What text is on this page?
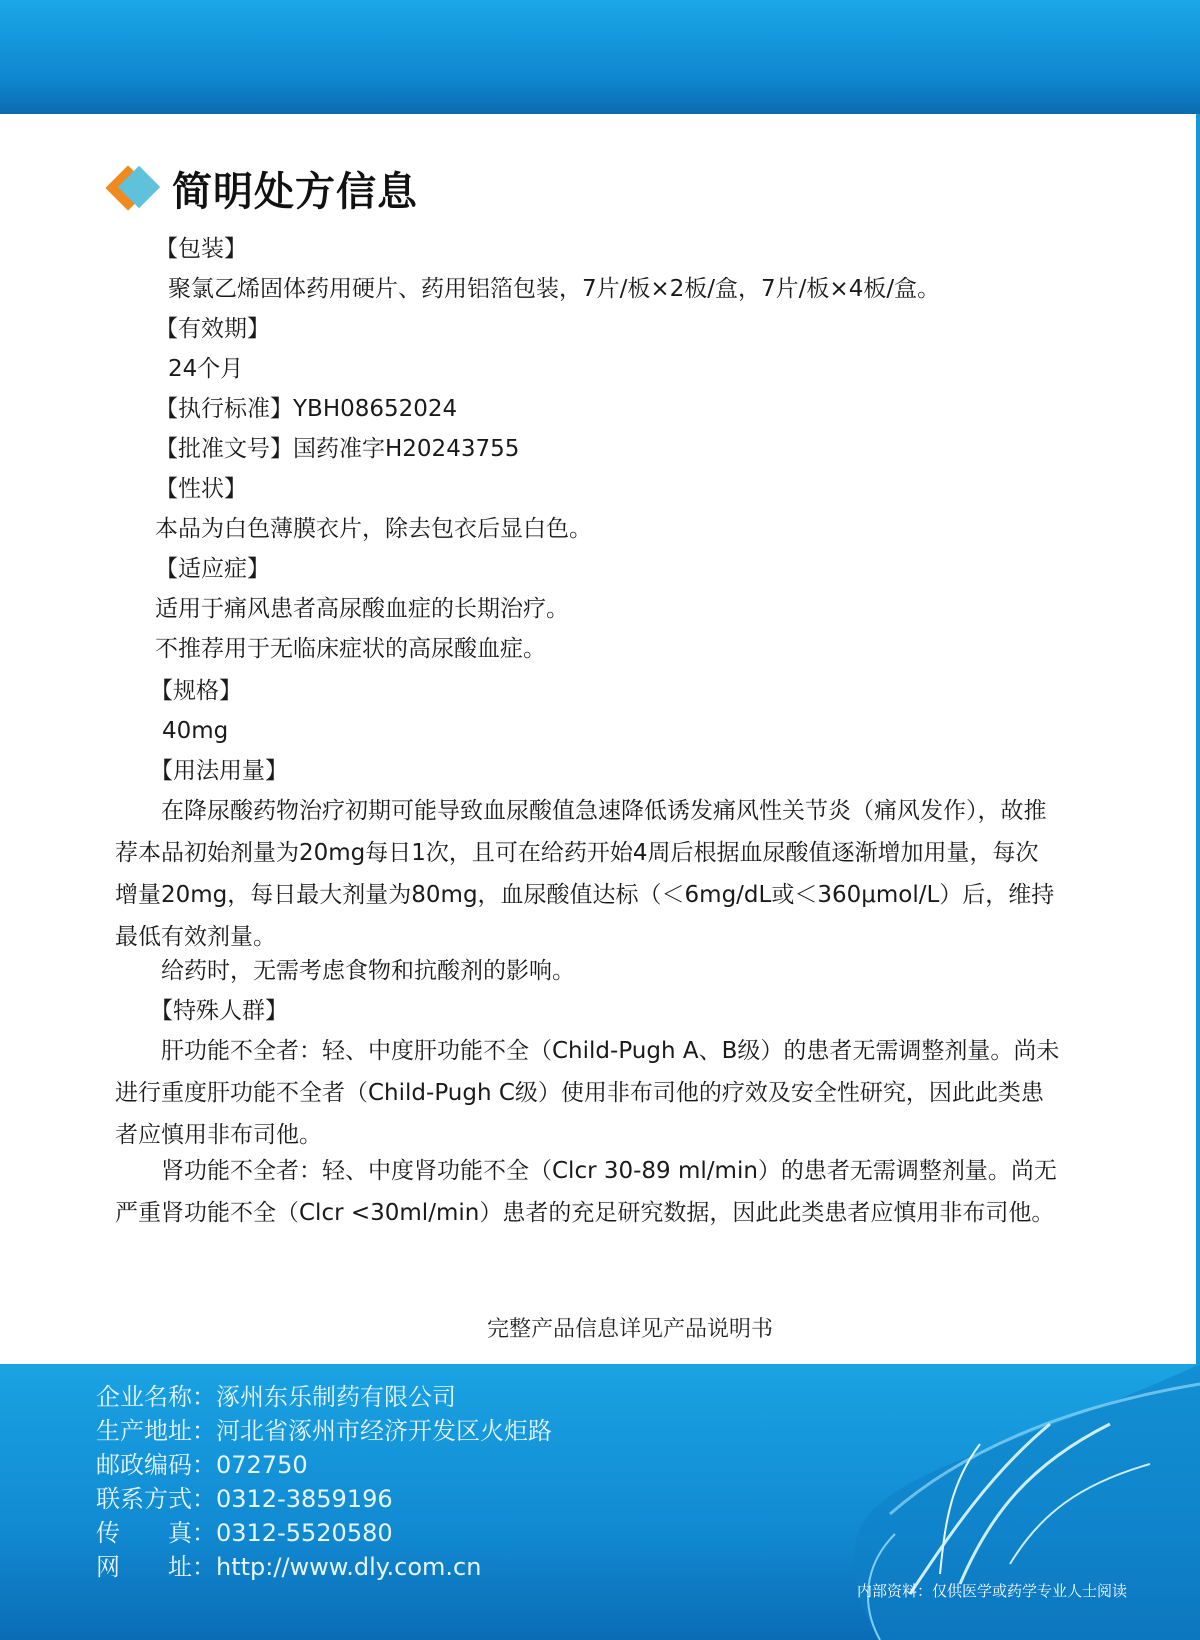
简明处方信息
【包装】
聚氯乙烯固体药用硬片、药用铝箔包装，7片/板×2板/盒，7片/板×4板/盒。
【有效期】
24个月
【执行标准】YBH08652024
【批准文号】国药准字H20243755
【性状】
本品为白色薄膜衣片，除去包衣后显白色。
【适应症】
适用于痛风患者高尿酸血症的长期治疗。
不推荐用于无临床症状的高尿酸血症。
【规格】
40mg
【用法用量】
在降尿酸药物治疗初期可能导致血尿酸值急速降低诱发痛风性关节炎（痛风发作），故推荐本品初始剂量为20mg每日1次，且可在给药开始4周后根据血尿酸值逐渐增加用量，每次增量20mg，每日最大剂量为80mg，血尿酸值达标（＜6mg/dL或＜360μmol/L）后，维持最低有效剂量。
给药时，无需考虑食物和抗酸剂的影响。
【特殊人群】
肝功能不全者：轻、中度肝功能不全（Child-Pugh A、B级）的患者无需调整剂量。尚未进行重度肝功能不全者（Child-Pugh C级）使用非布司他的疗效及安全性研究，因此此类患者应慎用非布司他。
肾功能不全者：轻、中度肾功能不全（Clcr 30-89 ml/min）的患者无需调整剂量。尚无严重肾功能不全（Clcr <30ml/min）患者的充足研究数据，因此此类患者应慎用非布司他。
完整产品信息详见产品说明书
企业名称： 涿州东乐制药有限公司
生产地址： 河北省涿州市经济开发区火炬路
邮政编码： 072750
联系方式： 0312-3859196
传　　真： 0312-5520580
网　　址： http://www.dly.com.cn
内部资料：仅供医学或药学专业人士阅读
